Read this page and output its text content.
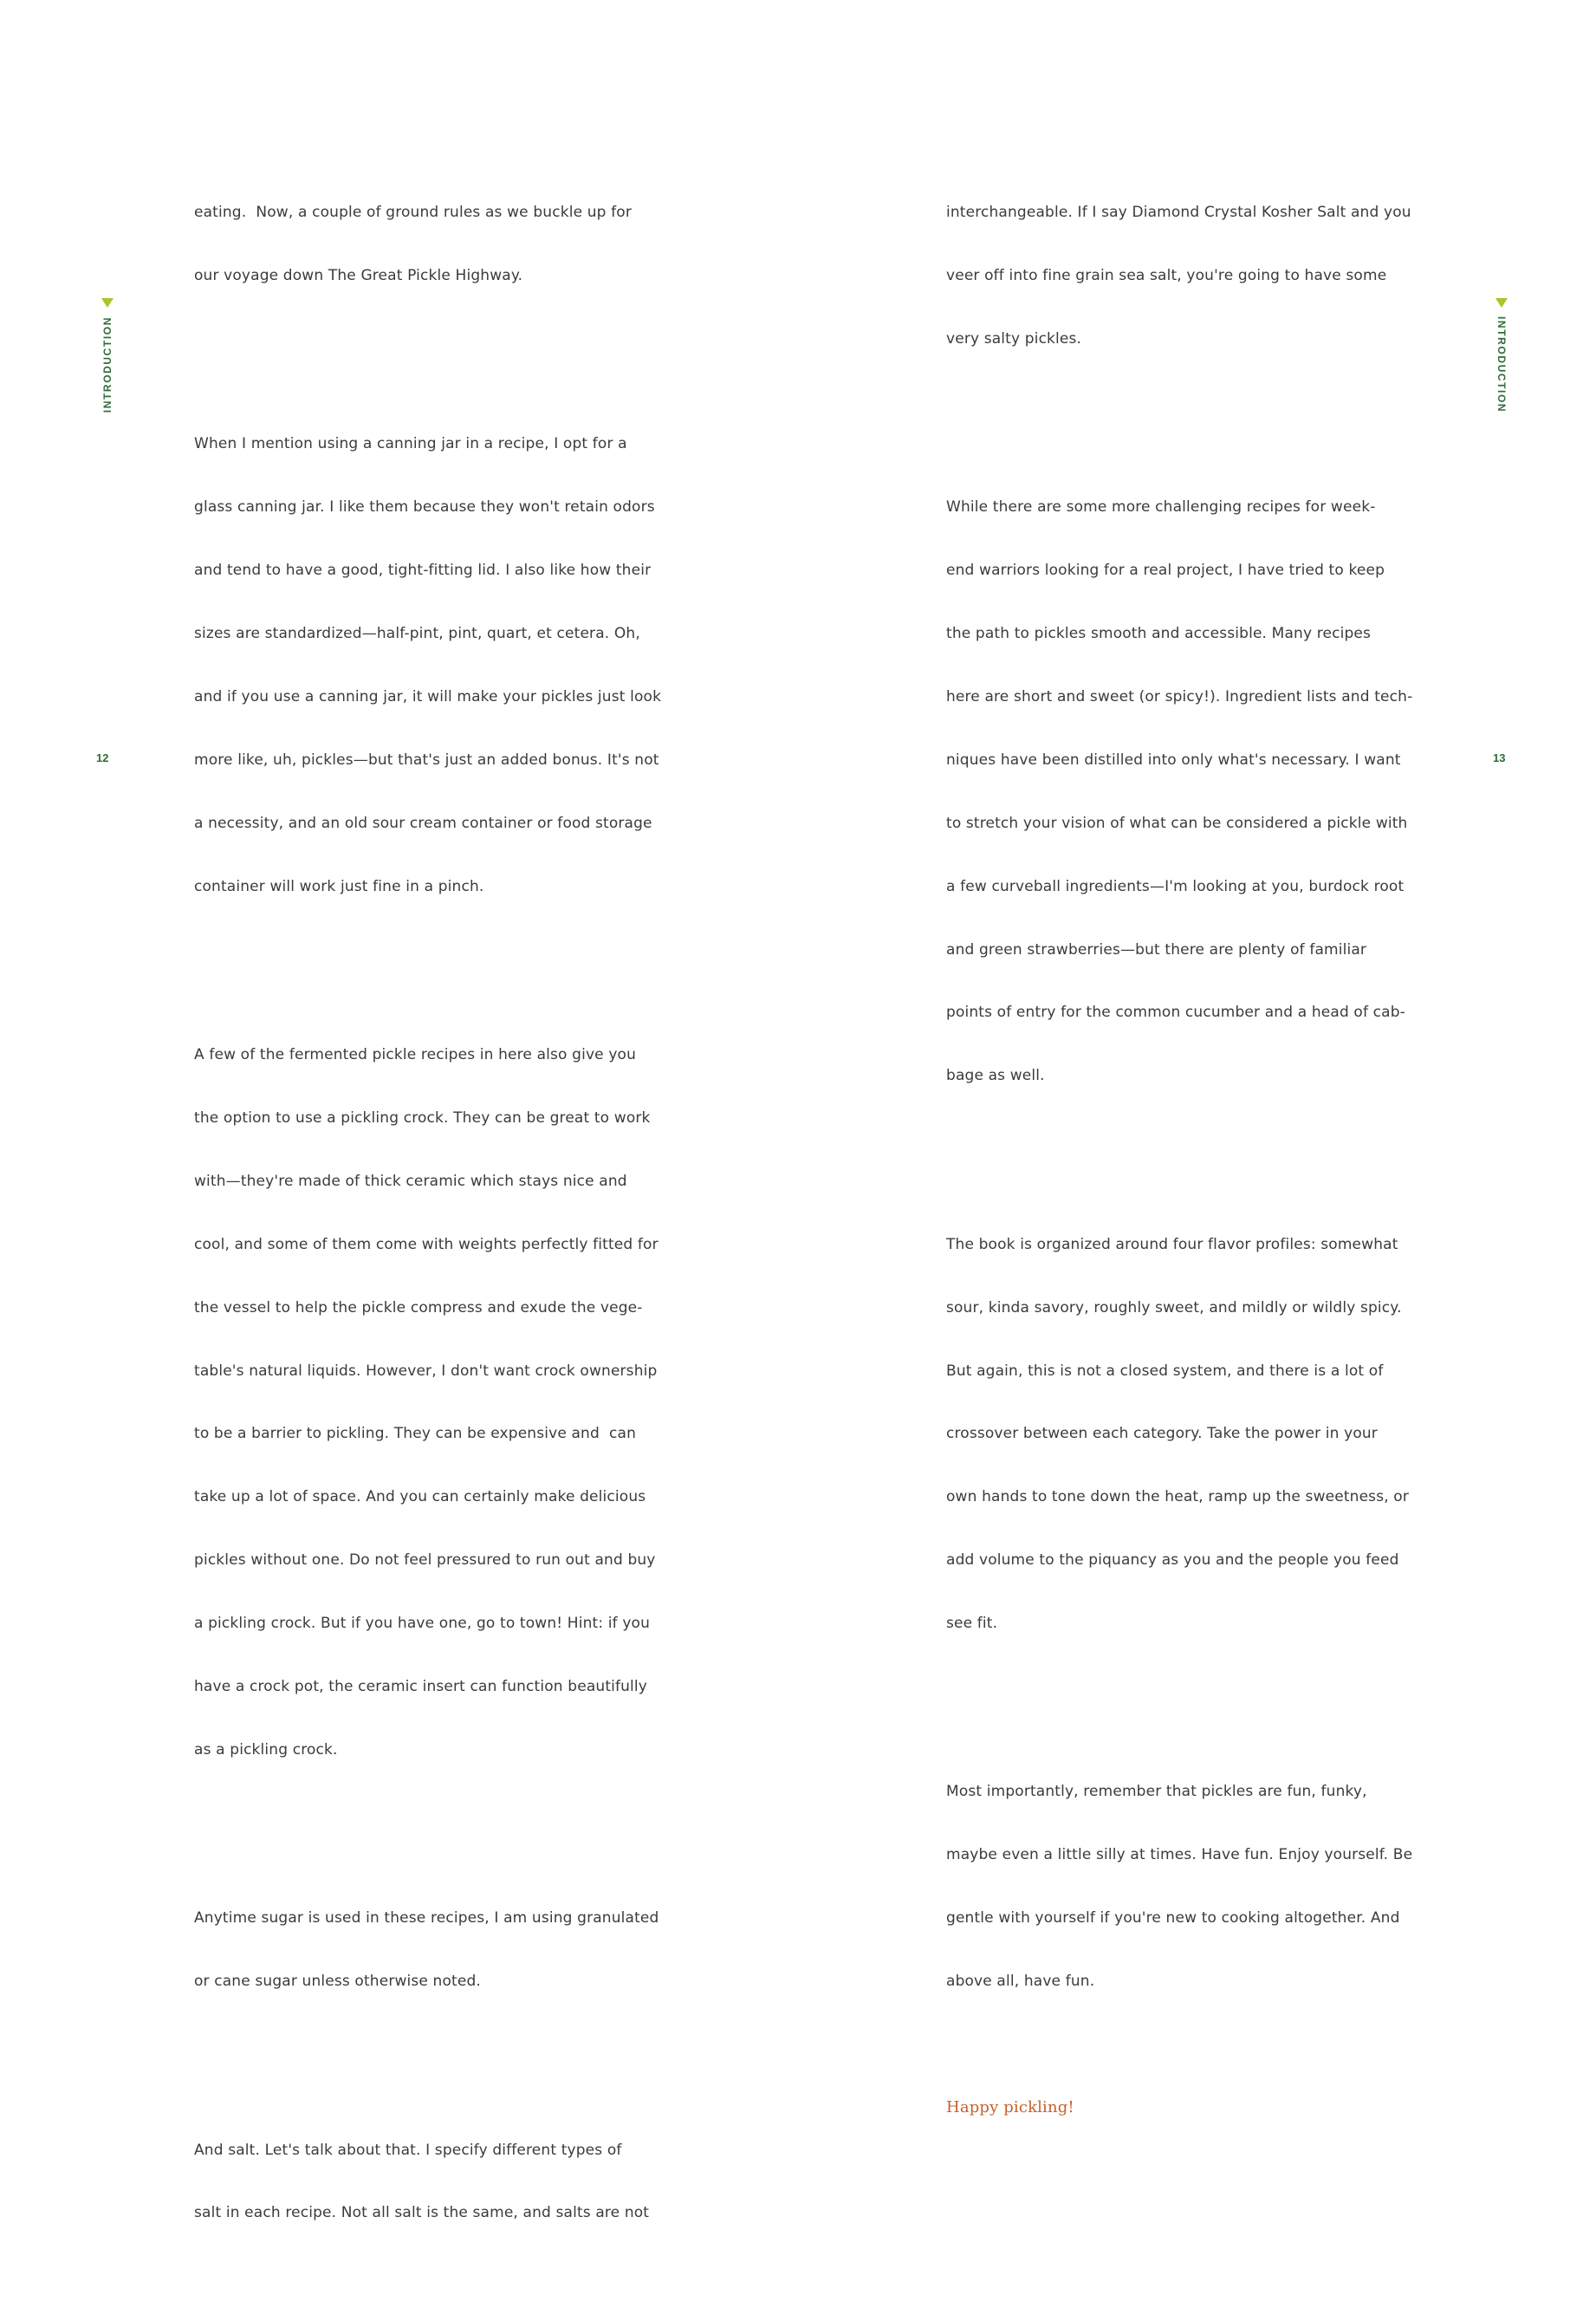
eating.  Now, a couple of ground rules as we buckle up for

our voyage down The Great Pickle Highway.

When I mention using a canning jar in a recipe, I opt for a

glass canning jar. I like them because they won't retain odors

and tend to have a good, tight-fitting lid. I also like how their

sizes are standardized—half-pint, pint, quart, et cetera. Oh,

and if you use a canning jar, it will make your pickles just look

more like, uh, pickles—but that's just an added bonus. It's not

a necessity, and an old sour cream container or food storage

container will work just fine in a pinch.

A few of the fermented pickle recipes in here also give you

the option to use a pickling crock. They can be great to work

with—they're made of thick ceramic which stays nice and

cool, and some of them come with weights perfectly fitted for

the vessel to help the pickle compress and exude the vege-

table's natural liquids. However, I don't want crock ownership

to be a barrier to pickling. They can be expensive and  can

take up a lot of space. And you can certainly make delicious

pickles without one. Do not feel pressured to run out and buy

a pickling crock. But if you have one, go to town! Hint: if you

have a crock pot, the ceramic insert can function beautifully

as a pickling crock.

Anytime sugar is used in these recipes, I am using granulated

or cane sugar unless otherwise noted.

And salt. Let's talk about that. I specify different types of

salt in each recipe. Not all salt is the same, and salts are not

INTRODUCTION
12

interchangeable. If I say Diamond Crystal Kosher Salt and you

veer off into fine grain sea salt, you're going to have some

very salty pickles.

While there are some more challenging recipes for week-

end warriors looking for a real project, I have tried to keep

the path to pickles smooth and accessible. Many recipes

here are short and sweet (or spicy!). Ingredient lists and tech-

niques have been distilled into only what's necessary. I want

to stretch your vision of what can be considered a pickle with

a few curveball ingredients—I'm looking at you, burdock root

and green strawberries—but there are plenty of familiar

points of entry for the common cucumber and a head of cab-

bage as well.

The book is organized around four flavor profiles: somewhat

sour, kinda savory, roughly sweet, and mildly or wildly spicy.

But again, this is not a closed system, and there is a lot of

crossover between each category. Take the power in your

own hands to tone down the heat, ramp up the sweetness, or

add volume to the piquancy as you and the people you feed

see fit.

Most importantly, remember that pickles are fun, funky,

maybe even a little silly at times. Have fun. Enjoy yourself. Be

gentle with yourself if you're new to cooking altogether. And

above all, have fun.

Happy pickling!

INTRODUCTION
13
